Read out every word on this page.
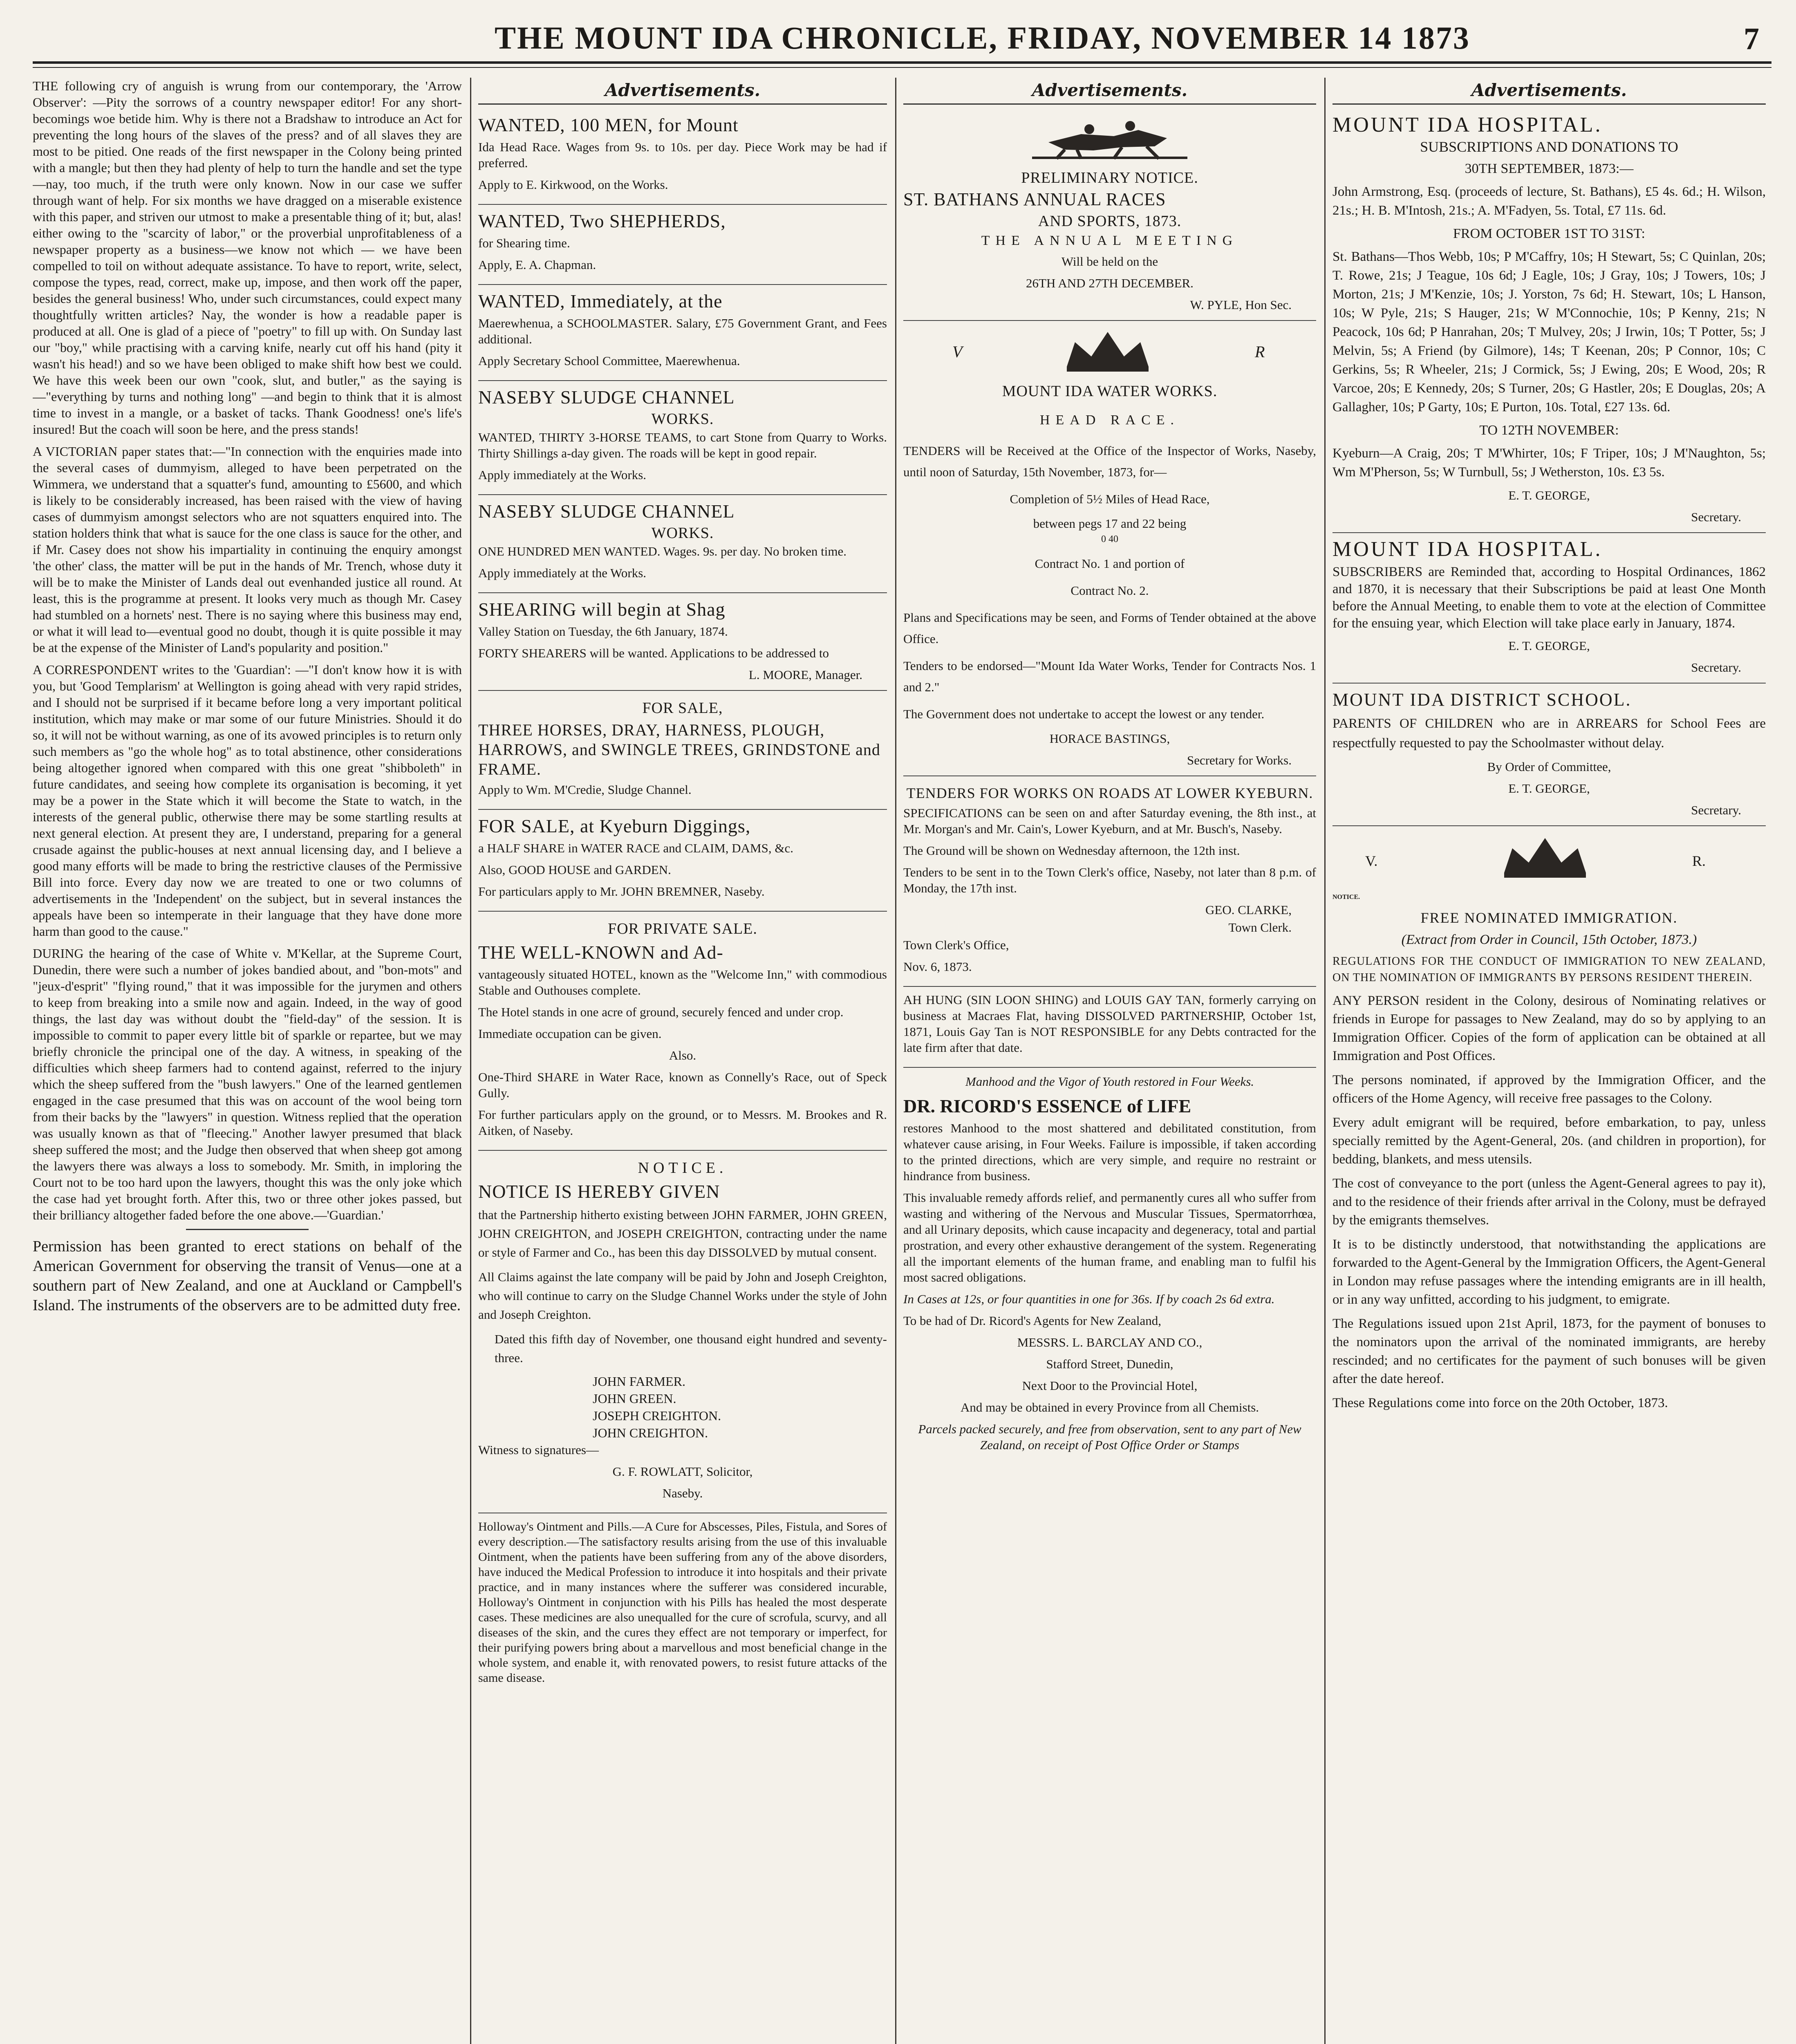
THE MOUNT IDA CHRONICLE, FRIDAY, NOVEMBER 14 1873	7

THE following cry of anguish is wrung from our contemporary, the 'Arrow Observer': —Pity the sorrows of a country newspaper editor! For any short-becomings woe betide him. Why is there not a Bradshaw to introduce an Act for preventing the long hours of the slaves of the press? and of all slaves they are most to be pitied. One reads of the first newspaper in the Colony being printed with a mangle; but then they had plenty of help to turn the handle and set the type—nay, too much, if the truth were only known. Now in our case we suffer through want of help. For six months we have dragged on a miserable existence with this paper, and striven our utmost to make a presentable thing of it; but, alas! either owing to the "scarcity of labor," or the proverbial unprofitableness of a newspaper property as a business—we know not which — we have been compelled to toil on without adequate assistance. To have to report, write, select, compose the types, read, correct, make up, impose, and then work off the paper, besides the general business! Who, under such circumstances, could expect many thoughtfully written articles? Nay, the wonder is how a readable paper is produced at all. One is glad of a piece of "poetry" to fill up with. On Sunday last our "boy," while practising with a carving knife, nearly cut off his hand (pity it wasn't his head!) and so we have been obliged to make shift how best we could. We have this week been our own "cook, slut, and butler," as the saying is—"everything by turns and nothing long" —and begin to think that it is almost time to invest in a mangle, or a basket of tacks. Thank Goodness! one's life's insured! But the coach will soon be here, and the press stands!

A VICTORIAN paper states that:—"In connection with the enquiries made into the several cases of dummyism, alleged to have been perpetrated on the Wimmera, we understand that a squatter's fund, amounting to £5600, and which is likely to be considerably increased, has been raised with the view of having cases of dummyism amongst selectors who are not squatters enquired into. The station holders think that what is sauce for the one class is sauce for the other, and if Mr. Casey does not show his impartiality in continuing the enquiry amongst 'the other' class, the matter will be put in the hands of Mr. Trench, whose duty it will be to make the Minister of Lands deal out evenhanded justice all round. At least, this is the programme at present. It looks very much as though Mr. Casey had stumbled on a hornets' nest. There is no saying where this business may end, or what it will lead to—eventual good no doubt, though it is quite possible it may be at the expense of the Minister of Land's popularity and position."

A CORRESPONDENT writes to the 'Guardian': —"I don't know how it is with you, but 'Good Templarism' at Wellington is going ahead with very rapid strides, and I should not be surprised if it became before long a very important political institution, which may make or mar some of our future Ministries. Should it do so, it will not be without warning, as one of its avowed principles is to return only such members as "go the whole hog" as to total abstinence, other considerations being altogether ignored when compared with this one great "shibboleth" in future candidates, and seeing how complete its organisation is becoming, it yet may be a power in the State which it will become the State to watch, in the interests of the general public, otherwise there may be some startling results at next general election. At present they are, I understand, preparing for a general crusade against the public-houses at next annual licensing day, and I believe a good many efforts will be made to bring the restrictive clauses of the Permissive Bill into force. Every day now we are treated to one or two columns of advertisements in the 'Independent' on the subject, but in several instances the appeals have been so intemperate in their language that they have done more harm than good to the cause."

DURING the hearing of the case of White v. M'Kellar, at the Supreme Court, Dunedin, there were such a number of jokes bandied about, and "bon-mots" and "jeux-d'esprit" "flying round," that it was impossible for the jurymen and others to keep from breaking into a smile now and again. Indeed, in the way of good things, the last day was without doubt the "field-day" of the session. It is impossible to commit to paper every little bit of sparkle or repartee, but we may briefly chronicle the principal one of the day. A witness, in speaking of the difficulties which sheep farmers had to contend against, referred to the injury which the sheep suffered from the "bush lawyers." One of the learned gentlemen engaged in the case presumed that this was on account of the wool being torn from their backs by the "lawyers" in question. Witness replied that the operation was usually known as that of "fleecing." Another lawyer presumed that black sheep suffered the most; and the Judge then observed that when sheep got among the lawyers there was always a loss to somebody. Mr. Smith, in imploring the Court not to be too hard upon the lawyers, thought this was the only joke which the case had yet brought forth. After this, two or three other jokes passed, but their brilliancy altogether faded before the one above.—'Guardian.'

Permission has been granted to erect stations on behalf of the American Government for observing the transit of Venus—one at a southern part of New Zealand, and one at Auckland or Campbell's Island. The instruments of the observers are to be admitted duty free.

Advertisements.
WANTED, 100 MEN, for Mount

Ida Head Race. Wages from 9s. to 10s. per day. Piece Work may be had if preferred.

Apply to E. Kirkwood, on the Works.

WANTED, Two SHEPHERDS,

for Shearing time.

Apply, E. A. Chapman.

WANTED, Immediately, at the

Maerewhenua, a SCHOOLMASTER. Salary, £75 Government Grant, and Fees additional.

Apply Secretary School Committee, Maerewhenua.

NASEBY SLUDGE CHANNEL
WORKS.

WANTED, THIRTY 3-HORSE TEAMS, to cart Stone from Quarry to Works. Thirty Shillings a-day given. The roads will be kept in good repair.

Apply immediately at the Works.

NASEBY SLUDGE CHANNEL
WORKS.

ONE HUNDRED MEN WANTED. Wages. 9s. per day. No broken time.

Apply immediately at the Works.

SHEARING will begin at Shag

Valley Station on Tuesday, the 6th January, 1874.

FORTY SHEARERS will be wanted. Applications to be addressed to

L. MOORE, Manager.

FOR SALE,
THREE HORSES, DRAY, HARNESS, PLOUGH, HARROWS, and SWINGLE TREES, GRINDSTONE and FRAME.

Apply to Wm. M'Credie, Sludge Channel.

FOR SALE, at Kyeburn Diggings,

a HALF SHARE in WATER RACE and CLAIM, DAMS, &c.

Also, GOOD HOUSE and GARDEN.

For particulars apply to Mr. JOHN BREMNER, Naseby.

FOR PRIVATE SALE.
THE WELL-KNOWN and Ad-

vantageously situated HOTEL, known as the "Welcome Inn," with commodious Stable and Outhouses complete.

The Hotel stands in one acre of ground, securely fenced and under crop.

Immediate occupation can be given.

Also.

One-Third SHARE in Water Race, known as Connelly's Race, out of Speck Gully.

For further particulars apply on the ground, or to Messrs. M. Brookes and R. Aitken, of Naseby.

NOTICE.
NOTICE IS HEREBY GIVEN

that the Partnership hitherto existing between JOHN FARMER, JOHN GREEN, JOHN CREIGHTON, and JOSEPH CREIGHTON, contracting under the name or style of Farmer and Co., has been this day DISSOLVED by mutual consent.

All Claims against the late company will be paid by John and Joseph Creighton, who will continue to carry on the Sludge Channel Works under the style of John and Joseph Creighton.

Dated this fifth day of November, one thousand eight hundred and seventy-three.

JOHN FARMER.

JOHN GREEN.

JOSEPH CREIGHTON.

JOHN CREIGHTON.

Witness to signatures—

G. F. ROWLATT, Solicitor,

Naseby.

Holloway's Ointment and Pills.—A Cure for Abscesses, Piles, Fistula, and Sores of every description.—The satisfactory results arising from the use of this invaluable Ointment, when the patients have been suffering from any of the above disorders, have induced the Medical Profession to introduce it into hospitals and their private practice, and in many instances where the sufferer was considered incurable, Holloway's Ointment in conjunction with his Pills has healed the most desperate cases. These medicines are also unequalled for the cure of scrofula, scurvy, and all diseases of the skin, and the cures they effect are not temporary or imperfect, for their purifying powers bring about a marvellous and most beneficial change in the whole system, and enable it, with renovated powers, to resist future attacks of the same disease.

Advertisements.
PRELIMINARY NOTICE.
ST. BATHANS ANNUAL RACES
AND SPORTS, 1873.
THE ANNUAL MEETING

Will be held on the

26TH AND 27TH DECEMBER.

W. PYLE, Hon Sec.

V	R
MOUNT IDA WATER WORKS.
HEAD RACE.

TENDERS will be Received at the Office of the Inspector of Works, Naseby, until noon of Saturday, 15th November, 1873, for—

Completion of 5½ Miles of Head Race,

between pegs 17 and 22 being

0 40

Contract No. 1 and portion of

Contract No. 2.

Plans and Specifications may be seen, and Forms of Tender obtained at the above Office.

Tenders to be endorsed—"Mount Ida Water Works, Tender for Contracts Nos. 1 and 2."

The Government does not undertake to accept the lowest or any tender.

HORACE BASTINGS,

Secretary for Works.

TENDERS FOR WORKS ON ROADS AT LOWER KYEBURN.

SPECIFICATIONS can be seen on and after Saturday evening, the 8th inst., at Mr. Morgan's and Mr. Cain's, Lower Kyeburn, and at Mr. Busch's, Naseby.

The Ground will be shown on Wednesday afternoon, the 12th inst.

Tenders to be sent in to the Town Clerk's office, Naseby, not later than 8 p.m. of Monday, the 17th inst.

GEO. CLARKE,

Town Clerk.

Town Clerk's Office,

Nov. 6, 1873.

AH HUNG (SIN LOON SHING) and LOUIS GAY TAN, formerly carrying on business at Macraes Flat, having DISSOLVED PARTNERSHIP, October 1st, 1871, Louis Gay Tan is NOT RESPONSIBLE for any Debts contracted for the late firm after that date.

Manhood and the Vigor of Youth restored in Four Weeks.

DR. RICORD'S ESSENCE of LIFE

restores Manhood to the most shattered and debilitated constitution, from whatever cause arising, in Four Weeks. Failure is impossible, if taken according to the printed directions, which are very simple, and require no restraint or hindrance from business.

This invaluable remedy affords relief, and permanently cures all who suffer from wasting and withering of the Nervous and Muscular Tissues, Spermatorrhœa, and all Urinary deposits, which cause incapacity and degeneracy, total and partial prostration, and every other exhaustive derangement of the system. Regenerating all the important elements of the human frame, and enabling man to fulfil his most sacred obligations.

In Cases at 12s, or four quantities in one for 36s. If by coach 2s 6d extra.

To be had of Dr. Ricord's Agents for New Zealand,

MESSRS. L. BARCLAY AND CO.,

Stafford Street, Dunedin,

Next Door to the Provincial Hotel,

And may be obtained in every Province from all Chemists.

Parcels packed securely, and free from observation, sent to any part of New Zealand, on receipt of Post Office Order or Stamps

Advertisements.
MOUNT IDA HOSPITAL.

SUBSCRIPTIONS AND DONATIONS TO

30TH SEPTEMBER, 1873:—

John Armstrong, Esq. (proceeds of lecture, St. Bathans), £5 4s. 6d.; H. Wilson, 21s.; H. B. M'Intosh, 21s.; A. M'Fadyen, 5s. Total, £7 11s. 6d.

FROM OCTOBER 1ST TO 31ST:

St. Bathans—Thos Webb, 10s; P M'Caffry, 10s; H Stewart, 5s; C Quinlan, 20s; T. Rowe, 21s; J Teague, 10s 6d; J Eagle, 10s; J Gray, 10s; J Towers, 10s; J Morton, 21s; J M'Kenzie, 10s; J. Yorston, 7s 6d; H. Stewart, 10s; L Hanson, 10s; W Pyle, 21s; S Hauger, 21s; W M'Connochie, 10s; P Kenny, 21s; N Peacock, 10s 6d; P Hanrahan, 20s; T Mulvey, 20s; J Irwin, 10s; T Potter, 5s; J Melvin, 5s; A Friend (by Gilmore), 14s; T Keenan, 20s; P Connor, 10s; C Gerkins, 5s; R Wheeler, 21s; J Cormick, 5s; J Ewing, 20s; E Wood, 20s; R Varcoe, 20s; E Kennedy, 20s; S Turner, 20s; G Hastler, 20s; E Douglas, 20s; A Gallagher, 10s; P Garty, 10s; E Purton, 10s. Total, £27 13s. 6d.

TO 12TH NOVEMBER:

Kyeburn—A Craig, 20s; T M'Whirter, 10s; F Triper, 10s; J M'Naughton, 5s; Wm M'Pherson, 5s; W Turnbull, 5s; J Wetherston, 10s. £3 5s.

E. T. GEORGE,

Secretary.

MOUNT IDA HOSPITAL.

SUBSCRIBERS are Reminded that, according to Hospital Ordinances, 1862 and 1870, it is necessary that their Subscriptions be paid at least One Month before the Annual Meeting, to enable them to vote at the election of Committee for the ensuing year, which Election will take place early in January, 1874.

E. T. GEORGE,

Secretary.

MOUNT IDA DISTRICT SCHOOL.

PARENTS OF CHILDREN who are in ARREARS for School Fees are respectfully requested to pay the Schoolmaster without delay.

By Order of Committee,

E. T. GEORGE,

Secretary.

V.	R.
NOTICE.

FREE NOMINATED IMMIGRATION.

(Extract from Order in Council, 15th October, 1873.)

REGULATIONS FOR THE CONDUCT OF IMMIGRATION TO NEW ZEALAND, ON THE NOMINATION OF IMMIGRANTS BY PERSONS RESIDENT THEREIN.

ANY PERSON resident in the Colony, desirous of Nominating relatives or friends in Europe for passages to New Zealand, may do so by applying to an Immigration Officer. Copies of the form of application can be obtained at all Immigration and Post Offices.

The persons nominated, if approved by the Immigration Officer, and the officers of the Home Agency, will receive free passages to the Colony.

Every adult emigrant will be required, before embarkation, to pay, unless specially remitted by the Agent-General, 20s. (and children in proportion), for bedding, blankets, and mess utensils.

The cost of conveyance to the port (unless the Agent-General agrees to pay it), and to the residence of their friends after arrival in the Colony, must be defrayed by the emigrants themselves.

It is to be distinctly understood, that notwithstanding the applications are forwarded to the Agent-General by the Immigration Officers, the Agent-General in London may refuse passages where the intending emigrants are in ill health, or in any way unfitted, according to his judgment, to emigrate.

The Regulations issued upon 21st April, 1873, for the payment of bonuses to the nominators upon the arrival of the nominated immigrants, are hereby rescinded; and no certificates for the payment of such bonuses will be given after the date hereof.

These Regulations come into force on the 20th October, 1873.
